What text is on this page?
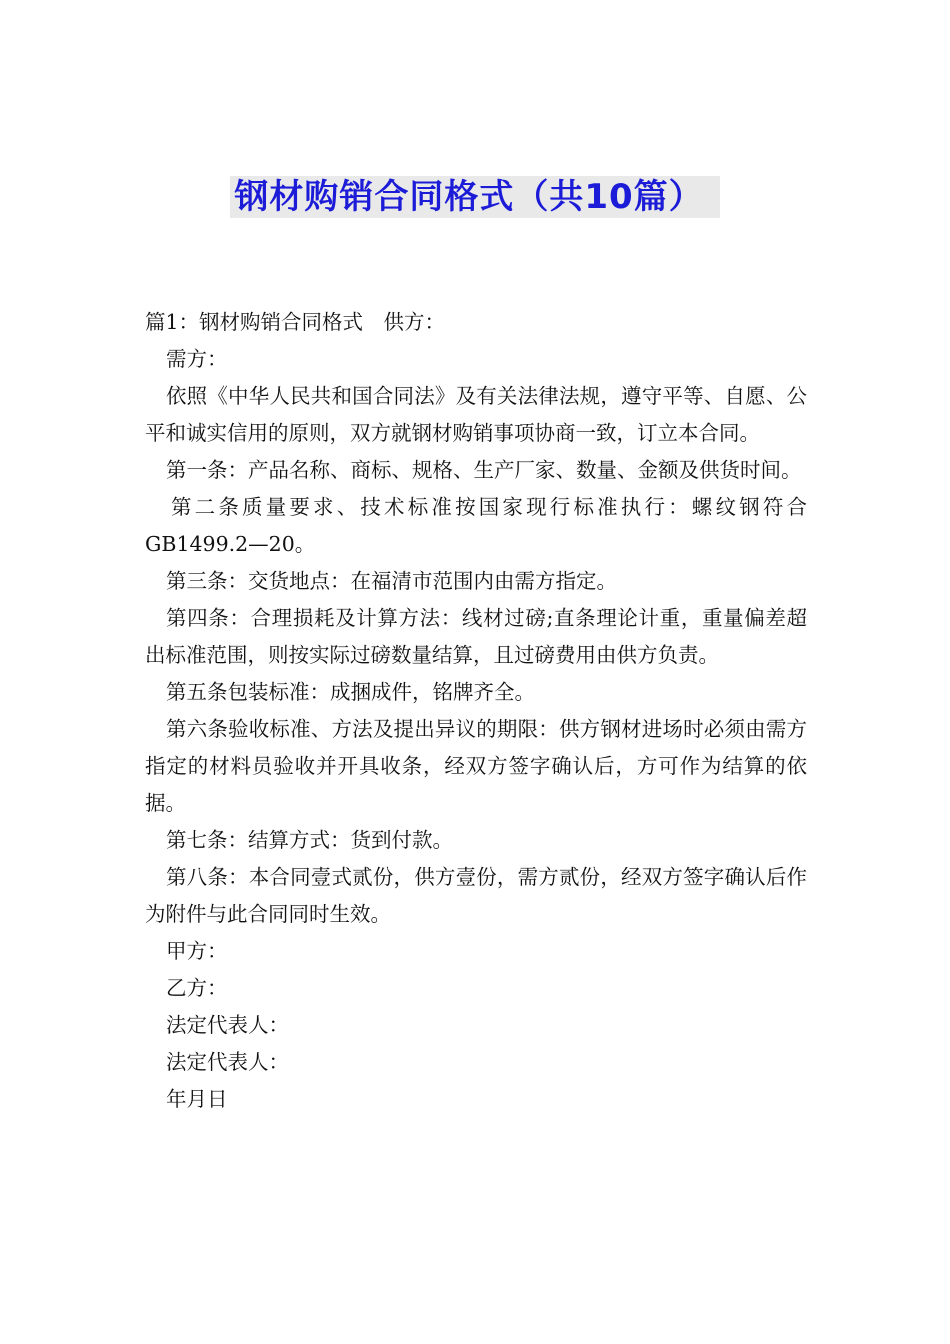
钢材购销合同格式（共10篇）

篇1：钢材购销合同格式　供方：

需方：

依照《中华人民共和国合同法》及有关法律法规，遵守平等、自愿、公平和诚实信用的原则，双方就钢材购销事项协商一致，订立本合同。

第一条：产品名称、商标、规格、生产厂家、数量、金额及供货时间。

第二条质量要求、技术标准按国家现行标准执行：螺纹钢符合GB1499.2—20。

第三条：交货地点：在福清市范围内由需方指定。

第四条：合理损耗及计算方法：线材过磅;直条理论计重，重量偏差超出标准范围，则按实际过磅数量结算，且过磅费用由供方负责。

第五条包装标准：成捆成件，铭牌齐全。

第六条验收标准、方法及提出异议的期限：供方钢材进场时必须由需方指定的材料员验收并开具收条，经双方签字确认后，方可作为结算的依据。

第七条：结算方式：货到付款。

第八条：本合同壹式贰份，供方壹份，需方贰份，经双方签字确认后作为附件与此合同同时生效。

甲方：

乙方：

法定代表人：

法定代表人：

年月日
